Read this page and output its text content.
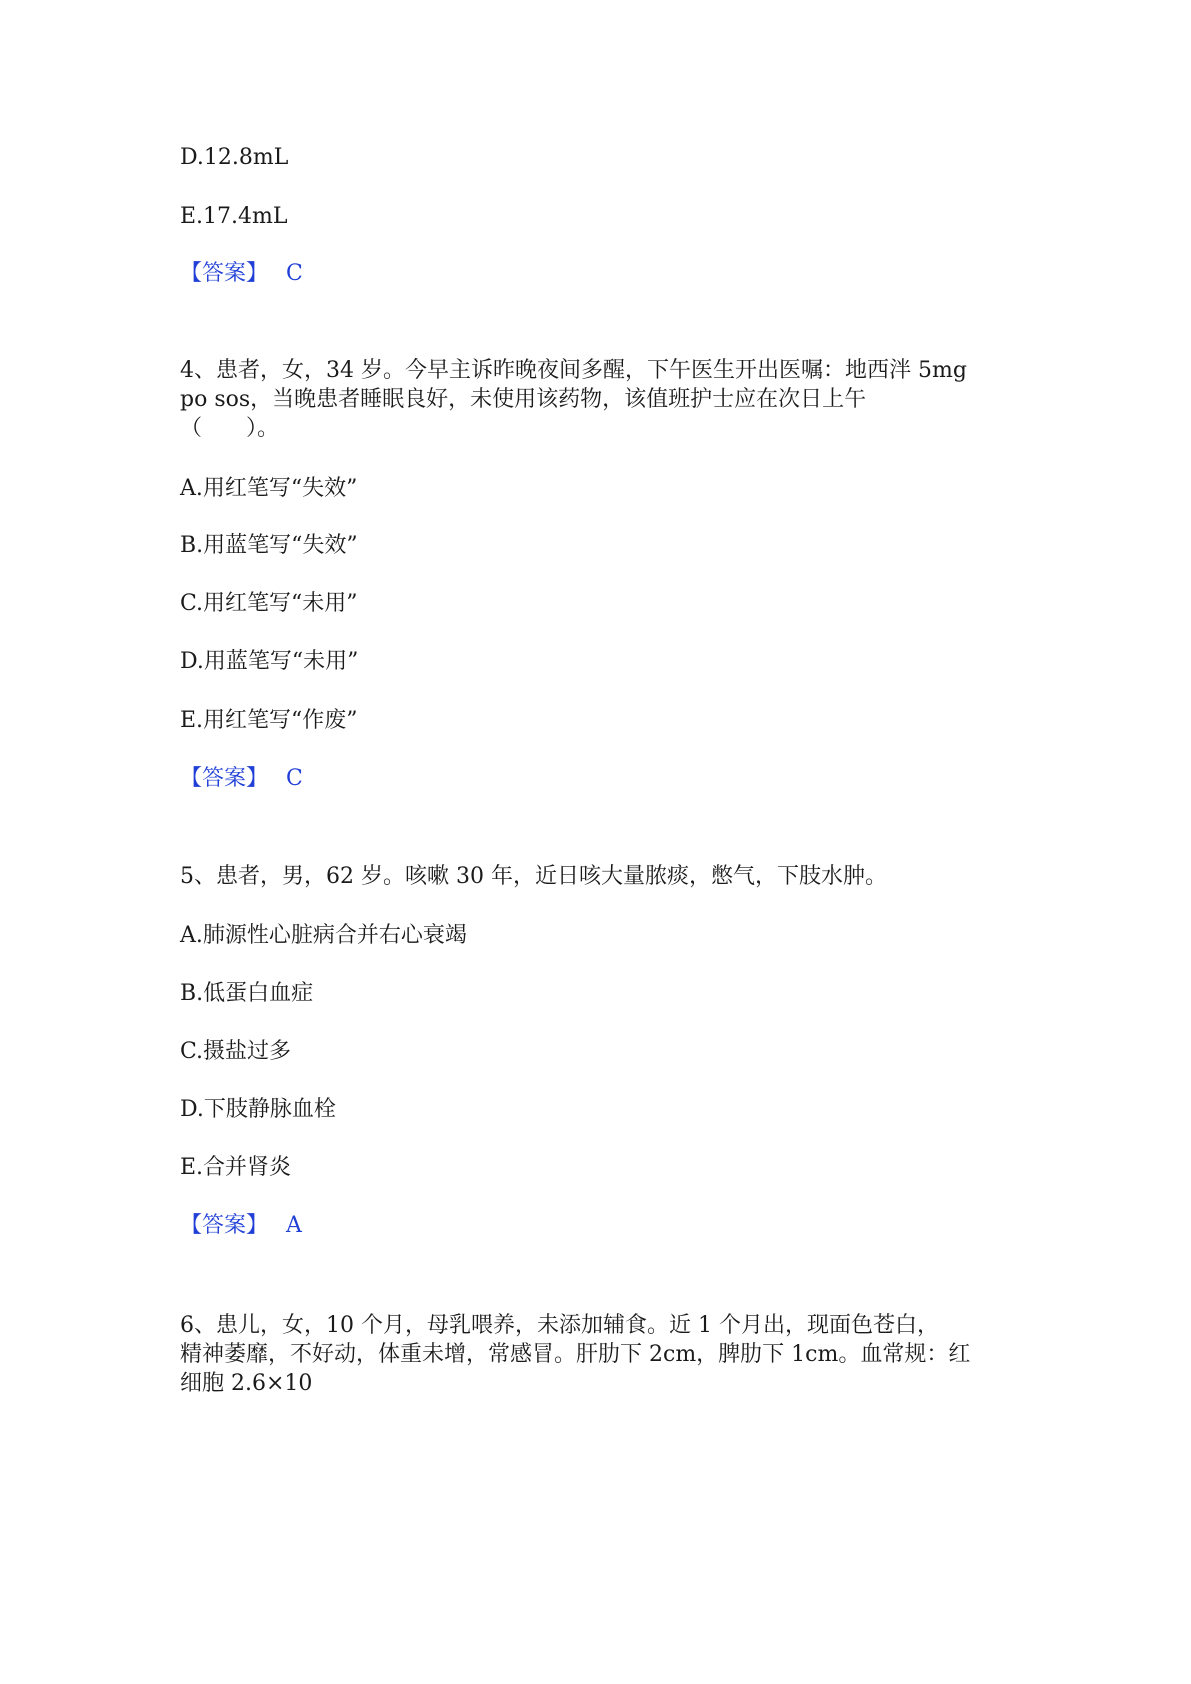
D.12.8mL
E.17.4mL
【答案】 C
4、患者，女，34 岁。今早主诉昨晚夜间多醒，下午医生开出医嘱：地西泮 5mg
po sos，当晚患者睡眠良好，未使用该药物，该值班护士应在次日上午
（　　）。
A.用红笔写“失效”
B.用蓝笔写“失效”
C.用红笔写“未用”
D.用蓝笔写“未用”
E.用红笔写“作废”
【答案】 C
5、患者，男，62 岁。咳嗽 30 年，近日咳大量脓痰，憋气，下肢水肿。
A.肺源性心脏病合并右心衰竭
B.低蛋白血症
C.摄盐过多
D.下肢静脉血栓
E.合并肾炎
【答案】 A
6、患儿，女，10 个月，母乳喂养，未添加辅食。近 1 个月出，现面色苍白，
精神萎靡，不好动，体重未增，常感冒。肝肋下 2cm，脾肋下 1cm。血常规：红
细胞 2.6×10
